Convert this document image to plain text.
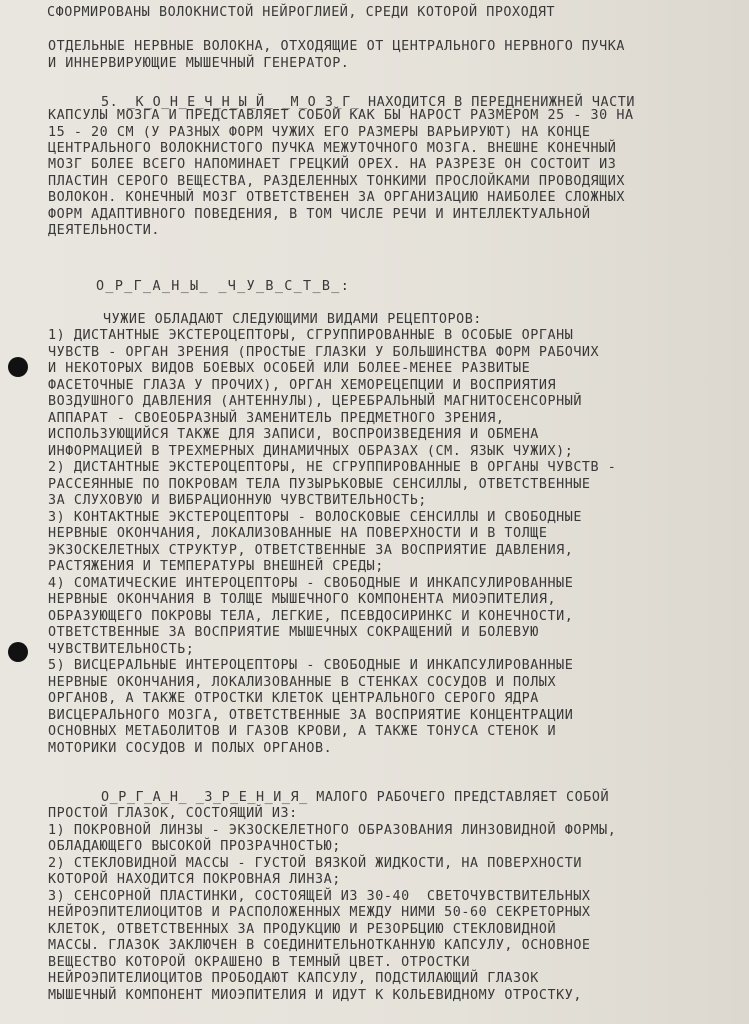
СФОРМИРОВАНЫ ВОЛОКНИСТОЙ НЕЙРОГЛИЕЙ, СРЕДИ КОТОРОЙ ПРОХОДЯТ
ОТДЕЛЬНЫЕ НЕРВНЫЕ ВОЛОКНА, ОТХОДЯЩИЕ ОТ ЦЕНТРАЛЬНОГО НЕРВНОГО ПУЧКА
И ИННЕРВИРУЮЩИЕ МЫШЕЧНЫЙ ГЕНЕРАТОР.
5. _К_О_Н_Е_Ч_Н_Ы_Й_ _М_О_З_Г_ НАХОДИТСЯ В ПЕРЕДНЕНИЖНЕЙ ЧАСТИ
КАПСУЛЫ МОЗГА И ПРЕДСТАВЛЯЕТ СОБОЙ КАК БЫ НАРОСТ РАЗМЕРОМ 25 - 30 НА
15 - 20 СМ (У РАЗНЫХ ФОРМ ЧУЖИХ ЕГО РАЗМЕРЫ ВАРЬИРУЮТ) НА КОНЦЕ
ЦЕНТРАЛЬНОГО ВОЛОКНИСТОГО ПУЧКА МЕЖУТОЧНОГО МОЗГА. ВНЕШНЕ КОНЕЧНЫЙ
МОЗГ БОЛЕЕ ВСЕГО НАПОМИНАЕТ ГРЕЦКИЙ ОРЕХ. НА РАЗРЕЗЕ ОН СОСТОИТ ИЗ
ПЛАСТИН СЕРОГО ВЕЩЕСТВА, РАЗДЕЛЕННЫХ ТОНКИМИ ПРОСЛОЙКАМИ ПРОВОДЯЩИХ
ВОЛОКОН. КОНЕЧНЫЙ МОЗГ ОТВЕТСТВЕНЕН ЗА ОРГАНИЗАЦИЮ НАИБОЛЕЕ СЛОЖНЫХ
ФОРМ АДАПТИВНОГО ПОВЕДЕНИЯ, В ТОМ ЧИСЛЕ РЕЧИ И ИНТЕЛЛЕКТУАЛЬНОЙ
ДЕЯТЕЛЬНОСТИ.
О_Р_Г_А_Н_Ы_ _Ч_У_В_С_Т_В_:
ЧУЖИЕ ОБЛАДАЮТ СЛЕДУЮЩИМИ ВИДАМИ РЕЦЕПТОРОВ:
1) ДИСТАНТНЫЕ ЭКСТЕРОЦЕПТОРЫ, СГРУППИРОВАННЫЕ В ОСОБЫЕ ОРГАНЫ
ЧУВСТВ - ОРГАН ЗРЕНИЯ (ПРОСТЫЕ ГЛАЗКИ У БОЛЬШИНСТВА ФОРМ РАБОЧИХ
И НЕКОТОРЫХ ВИДОВ БОЕВЫХ ОСОБЕЙ ИЛИ БОЛЕЕ-МЕНЕЕ РАЗВИТЫЕ
ФАСЕТОЧНЫЕ ГЛАЗА У ПРОЧИХ), ОРГАН ХЕМОРЕЦЕПЦИИ И ВОСПРИЯТИЯ
ВОЗДУШНОГО ДАВЛЕНИЯ (АНТЕННУЛЫ), ЦЕРЕБРАЛЬНЫЙ МАГНИТОСЕНСОРНЫЙ
АППАРАТ - СВОЕОБРАЗНЫЙ ЗАМЕНИТЕЛЬ ПРЕДМЕТНОГО ЗРЕНИЯ,
ИСПОЛЬЗУЮЩИЙСЯ ТАКЖЕ ДЛЯ ЗАПИСИ, ВОСПРОИЗВЕДЕНИЯ И ОБМЕНА
ИНФОРМАЦИЕЙ В ТРЕХМЕРНЫХ ДИНАМИЧНЫХ ОБРАЗАХ (СМ. ЯЗЫК ЧУЖИХ);
2) ДИСТАНТНЫЕ ЭКСТЕРОЦЕПТОРЫ, НЕ СГРУППИРОВАННЫЕ В ОРГАНЫ ЧУВСТВ -
РАССЕЯННЫЕ ПО ПОКРОВАМ ТЕЛА ПУЗЫРЬКОВЫЕ СЕНСИЛЛЫ, ОТВЕТСТВЕННЫЕ
ЗА СЛУХОВУЮ И ВИБРАЦИОННУЮ ЧУВСТВИТЕЛЬНОСТЬ;
3) КОНТАКТНЫЕ ЭКСТЕРОЦЕПТОРЫ - ВОЛОСКОВЫЕ СЕНСИЛЛЫ И СВОБОДНЫЕ
НЕРВНЫЕ ОКОНЧАНИЯ, ЛОКАЛИЗОВАННЫЕ НА ПОВЕРХНОСТИ И В ТОЛЩЕ
ЭКЗОСКЕЛЕТНЫХ СТРУКТУР, ОТВЕТСТВЕННЫЕ ЗА ВОСПРИЯТИЕ ДАВЛЕНИЯ,
РАСТЯЖЕНИЯ И ТЕМПЕРАТУРЫ ВНЕШНЕЙ СРЕДЫ;
4) СОМАТИЧЕСКИЕ ИНТЕРОЦЕПТОРЫ - СВОБОДНЫЕ И ИНКАПСУЛИРОВАННЫЕ
НЕРВНЫЕ ОКОНЧАНИЯ В ТОЛЩЕ МЫШЕЧНОГО КОМПОНЕНТА МИОЭПИТЕЛИЯ,
ОБРАЗУЮЩЕГО ПОКРОВЫ ТЕЛА, ЛЕГКИЕ, ПСЕВДОСИРИНКС И КОНЕЧНОСТИ,
ОТВЕТСТВЕННЫЕ ЗА ВОСПРИЯТИЕ МЫШЕЧНЫХ СОКРАЩЕНИЙ И БОЛЕВУЮ
ЧУВСТВИТЕЛЬНОСТЬ;
5) ВИСЦЕРАЛЬНЫЕ ИНТЕРОЦЕПТОРЫ - СВОБОДНЫЕ И ИНКАПСУЛИРОВАННЫЕ
НЕРВНЫЕ ОКОНЧАНИЯ, ЛОКАЛИЗОВАННЫЕ В СТЕНКАХ СОСУДОВ И ПОЛЫХ
ОРГАНОВ, А ТАКЖЕ ОТРОСТКИ КЛЕТОК ЦЕНТРАЛЬНОГО СЕРОГО ЯДРА
ВИСЦЕРАЛЬНОГО МОЗГА, ОТВЕТСТВЕННЫЕ ЗА ВОСПРИЯТИЕ КОНЦЕНТРАЦИИ
ОСНОВНЫХ МЕТАБОЛИТОВ И ГАЗОВ КРОВИ, А ТАКЖЕ ТОНУСА СТЕНОК И
МОТОРИКИ СОСУДОВ И ПОЛЫХ ОРГАНОВ.
О_Р_Г_А_Н_ _З_Р_Е_Н_И_Я_ МАЛОГО РАБОЧЕГО ПРЕДСТАВЛЯЕТ СОБОЙ
ПРОСТОЙ ГЛАЗОК, СОСТОЯЩИЙ ИЗ:
1) ПОКРОВНОЙ ЛИНЗЫ - ЭКЗОСКЕЛЕТНОГО ОБРАЗОВАНИЯ ЛИНЗОВИДНОЙ ФОРМЫ,
ОБЛАДАЮЩЕГО ВЫСОКОЙ ПРОЗРАЧНОСТЬЮ;
2) СТЕКЛОВИДНОЙ МАССЫ - ГУСТОЙ ВЯЗКОЙ ЖИДКОСТИ, НА ПОВЕРХНОСТИ
КОТОРОЙ НАХОДИТСЯ ПОКРОВНАЯ ЛИНЗА;
3) СЕНСОРНОЙ ПЛАСТИНКИ, СОСТОЯЩЕЙ ИЗ 30-40  СВЕТОЧУВСТВИТЕЛЬНЫХ
НЕЙРОЭПИТЕЛИОЦИТОВ И РАСПОЛОЖЕННЫХ МЕЖДУ НИМИ 50-60 СЕКРЕТОРНЫХ
КЛЕТОК, ОТВЕТСТВЕННЫХ ЗА ПРОДУКЦИЮ И РЕЗОРБЦИЮ СТЕКЛОВИДНОЙ
МАССЫ. ГЛАЗОК ЗАКЛЮЧЕН В СОЕДИНИТЕЛЬНОТКАННУЮ КАПСУЛУ, ОСНОВНОЕ
ВЕЩЕСТВО КОТОРОЙ ОКРАШЕНО В ТЕМНЫЙ ЦВЕТ. ОТРОСТКИ
НЕЙРОЭПИТЕЛИОЦИТОВ ПРОБОДАЮТ КАПСУЛУ, ПОДСТИЛАЮЩИЙ ГЛАЗОК
МЫШЕЧНЫЙ КОМПОНЕНТ МИОЭПИТЕЛИЯ И ИДУТ К КОЛЬЕВИДНОМУ ОТРОСТКУ,
